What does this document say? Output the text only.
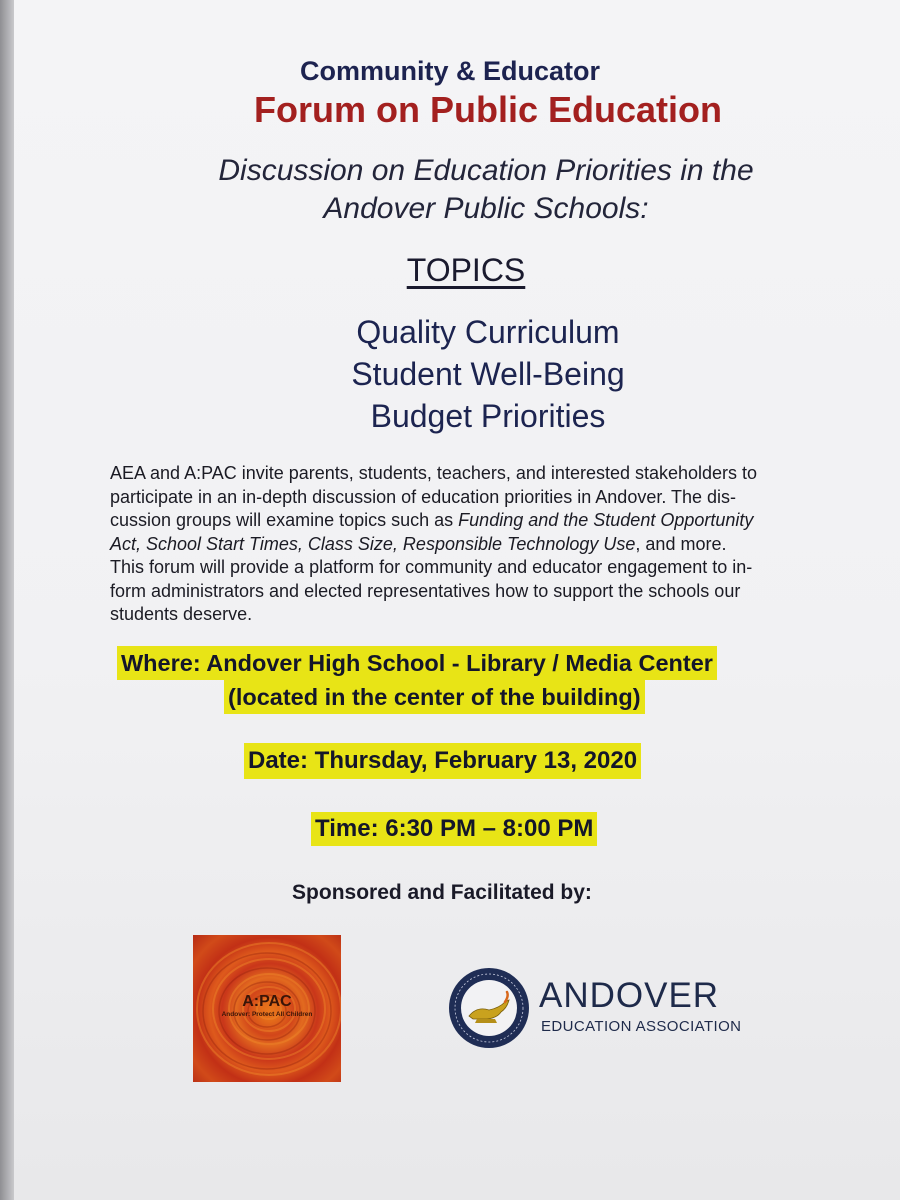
Community & Educator
Forum on Public Education
Discussion on Education Priorities in the
Andover Public Schools:
TOPICS
Quality Curriculum
Student Well-Being
Budget Priorities
AEA and A:PAC invite parents, students, teachers, and interested stakeholders to
participate in an in-depth discussion of education priorities in Andover. The dis-
cussion groups will examine topics such as Funding and the Student Opportunity
Act, School Start Times, Class Size, Responsible Technology Use, and more.
This forum will provide a platform for community and educator engagement to in-
form administrators and elected representatives how to support the schools our
students deserve.
Where: Andover High School - Library / Media Center
(located in the center of the building)
Date: Thursday, February 13, 2020
Time: 6:30 PM – 8:00 PM
Sponsored and Facilitated by:
A:PAC
Andover: Protect All Children	ANDOVER
EDUCATION ASSOCIATION
